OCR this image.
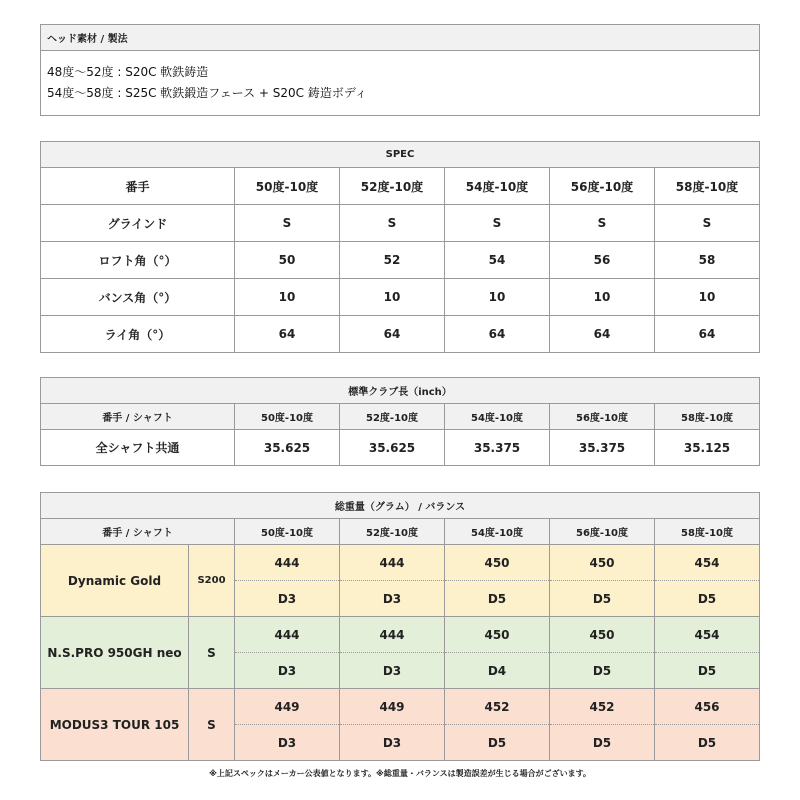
ヘッド素材 / 製法

48度〜52度 : S20C 軟鉄鋳造
54度〜58度 : S25C 軟鉄鍛造フェース + S20C 鋳造ボディ
SPEC					
番手	50度-10度	52度-10度	54度-10度	56度-10度	58度-10度
グラインド	S	S	S	S	S
ロフト角（°）	50	52	54	56	58
バンス角（°）	10	10	10	10	10
ライ角（°）	64	64	64	64	64
標準クラブ長（inch）					
番手 / シャフト	50度-10度	52度-10度	54度-10度	56度-10度	58度-10度
全シャフト共通	35.625	35.625	35.375	35.375	35.125
総重量（グラム） / バランス						
番手 / シャフト		50度-10度	52度-10度	54度-10度	56度-10度	58度-10度
Dynamic Gold	S200	444	444	450	450	454
		D3	D3	D5	D5	D5
N.S.PRO 950GH neo	S	444	444	450	450	454
		D3	D3	D4	D5	D5
MODUS3 TOUR 105	S	449	449	452	452	456
		D3	D3	D5	D5	D5
※上記スペックはメーカー公表値となります。※総重量・バランスは製造誤差が生じる場合がございます。
